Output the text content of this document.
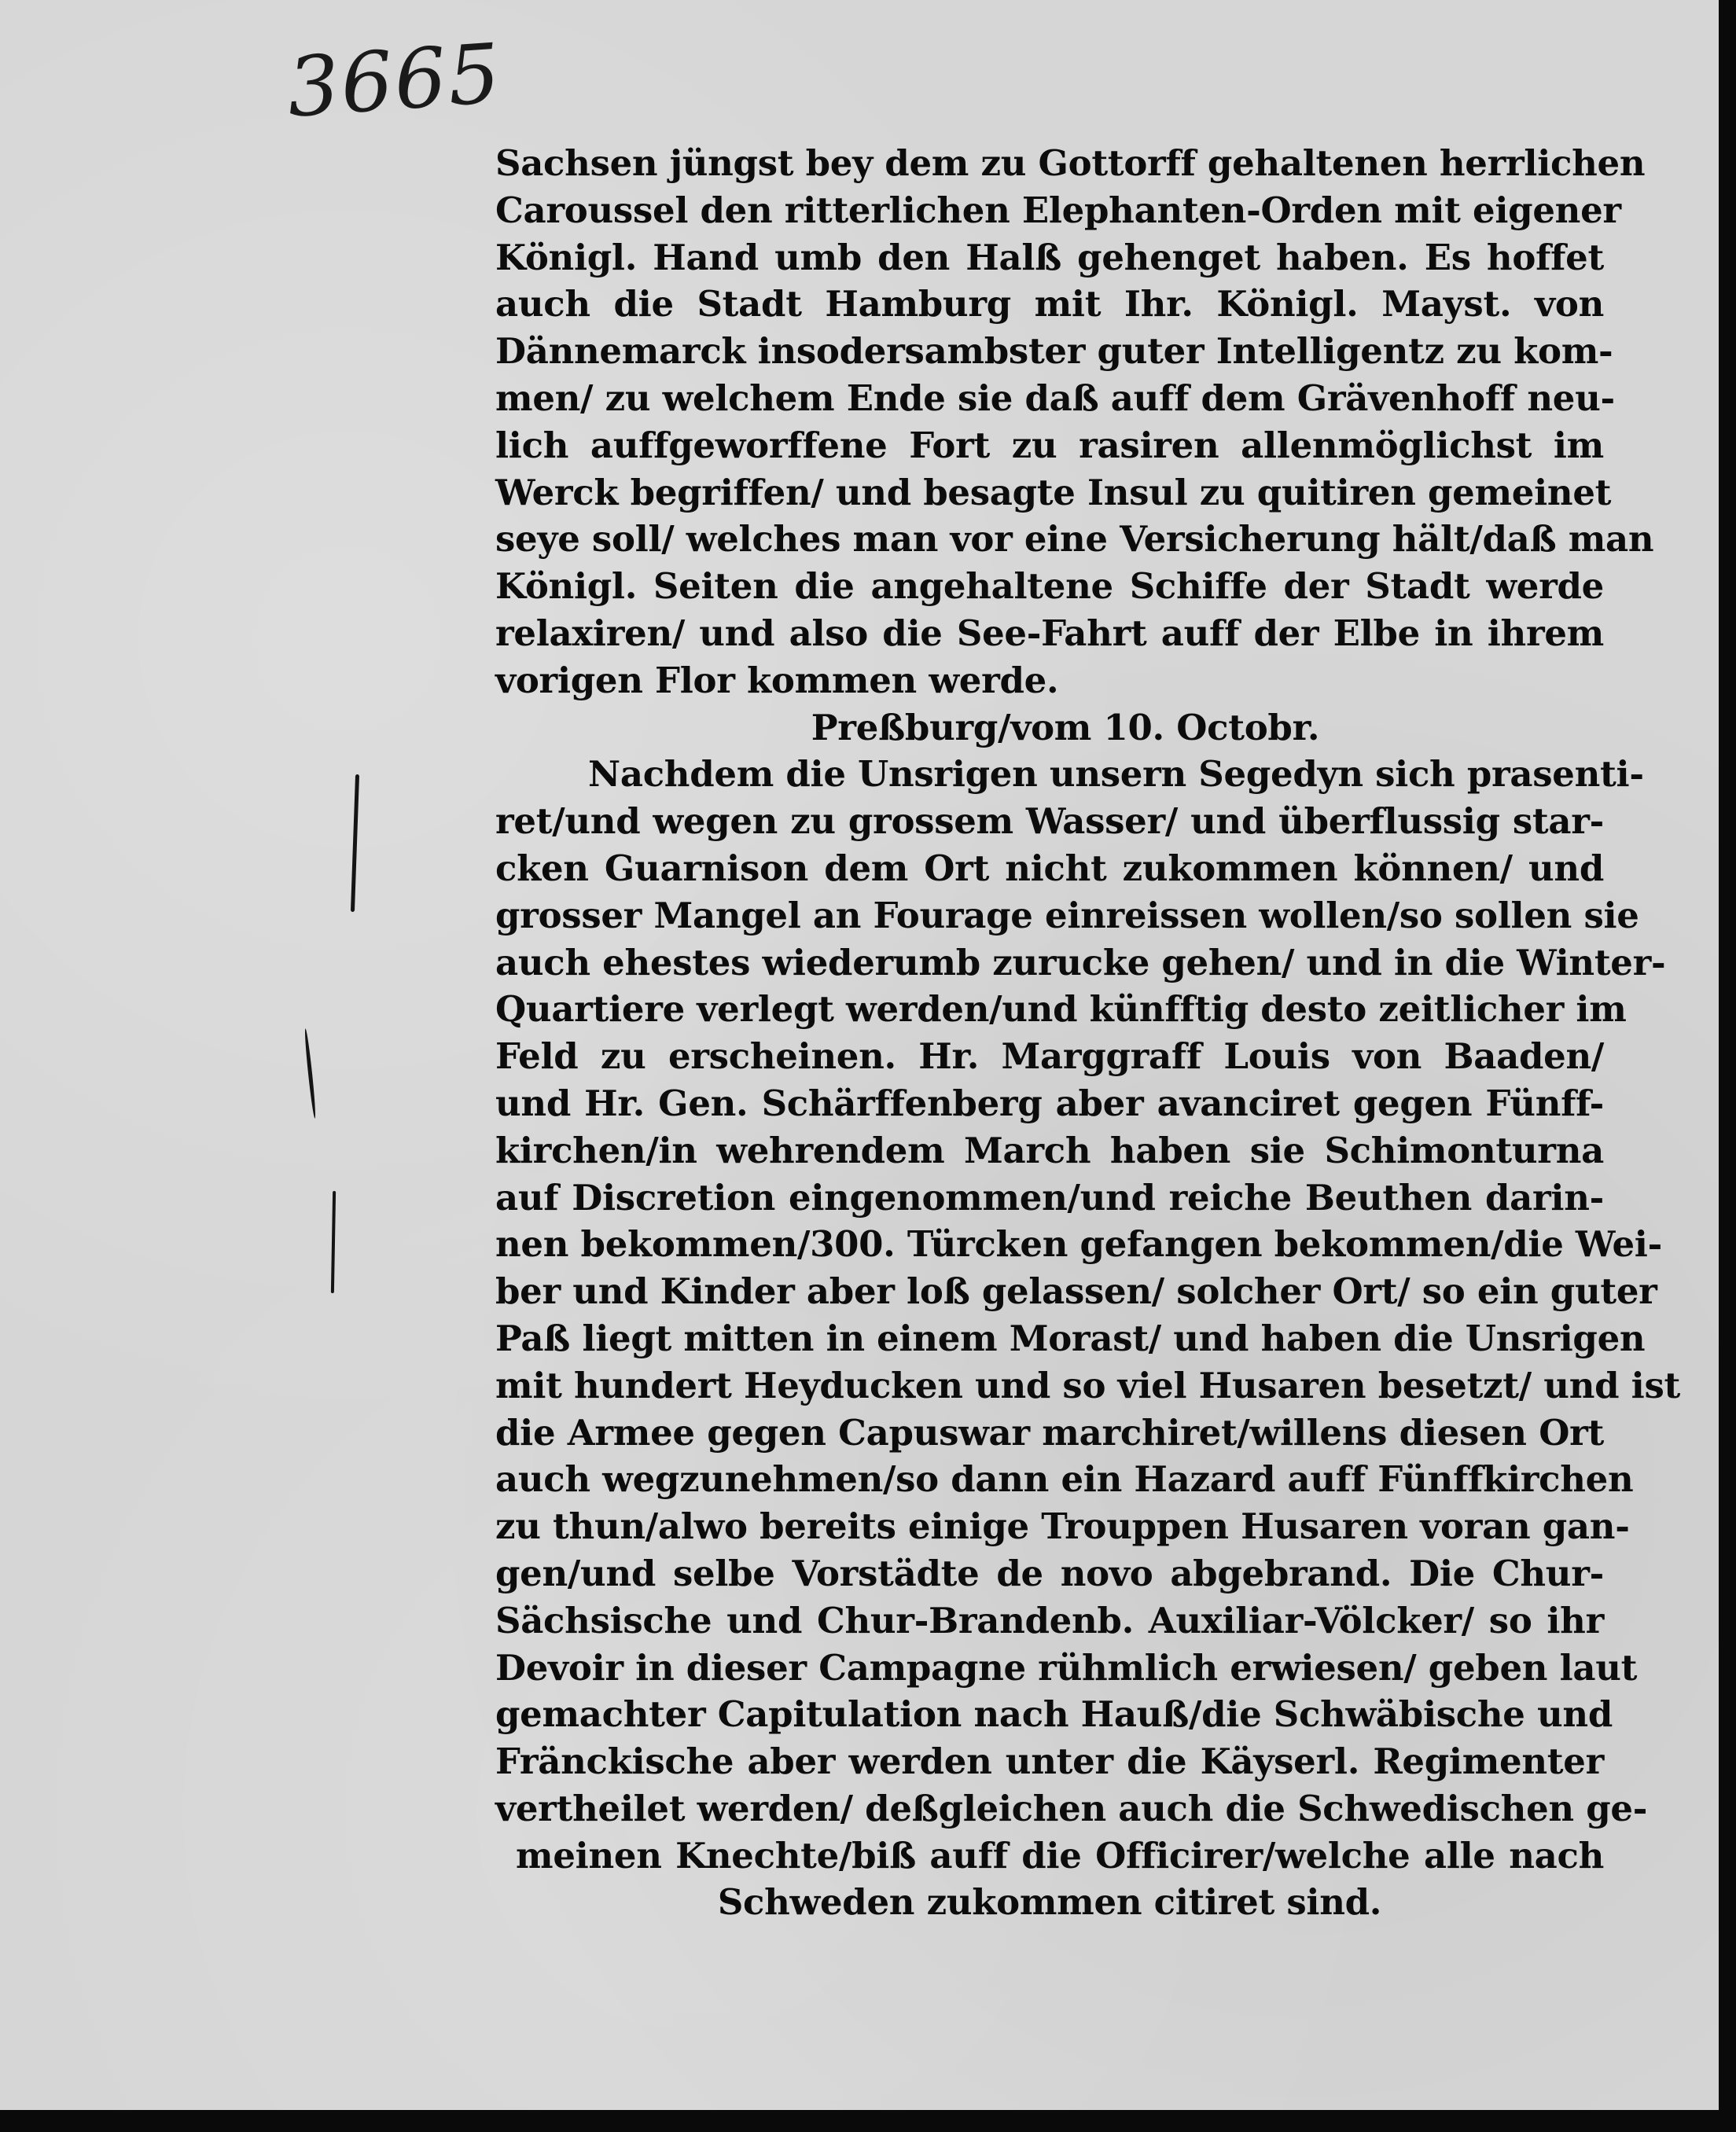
3665
Sachsen jüngst bey dem zu Gottorff gehaltenen herrlichen
Caroussel den ritterlichen Elephanten-Orden mit eigener
Königl. Hand umb den Halß gehenget haben. Es hoffet
auch die Stadt Hamburg mit Ihr. Königl. Mayst. von
Dännemarck insodersambster guter Intelligentz zu kom-
men/ zu welchem Ende sie daß auff dem Grävenhoff neu-
lich auffgeworffene Fort zu rasiren allenmöglichst im
Werck begriffen/ und besagte Insul zu quitiren gemeinet
seye soll/ welches man vor eine Versicherung hält/daß man
Königl. Seiten die angehaltene Schiffe der Stadt werde
relaxiren/ und also die See-Fahrt auff der Elbe in ihrem
vorigen Flor kommen werde.
Preßburg/vom 10. Octobr.
Nachdem die Unsrigen unsern Segedyn sich prasenti-
ret/und wegen zu grossem Wasser/ und überflussig star-
cken Guarnison dem Ort nicht zukommen können/ und
grosser Mangel an Fourage einreissen wollen/so sollen sie
auch ehestes wiederumb zurucke gehen/ und in die Winter-
Quartiere verlegt werden/und künfftig desto zeitlicher im
Feld zu erscheinen. Hr. Marggraff Louis von Baaden/
und Hr. Gen. Schärffenberg aber avanciret gegen Fünff-
kirchen/in wehrendem March haben sie Schimonturna
auf Discretion eingenommen/und reiche Beuthen darin-
nen bekommen/300. Türcken gefangen bekommen/die Wei-
ber und Kinder aber loß gelassen/ solcher Ort/ so ein guter
Paß liegt mitten in einem Morast/ und haben die Unsrigen
mit hundert Heyducken und so viel Husaren besetzt/ und ist
die Armee gegen Capuswar marchiret/willens diesen Ort
auch wegzunehmen/so dann ein Hazard auff Fünffkirchen
zu thun/alwo bereits einige Trouppen Husaren voran gan-
gen/und selbe Vorstädte de novo abgebrand. Die Chur-
Sächsische und Chur-Brandenb. Auxiliar-Völcker/ so ihr
Devoir in dieser Campagne rühmlich erwiesen/ geben laut
gemachter Capitulation nach Hauß/die Schwäbische und
Fränckische aber werden unter die Käyserl. Regimenter
vertheilet werden/ deßgleichen auch die Schwedischen ge-
meinen Knechte/biß auff die Officirer/welche alle nach
Schweden zukommen citiret sind.
